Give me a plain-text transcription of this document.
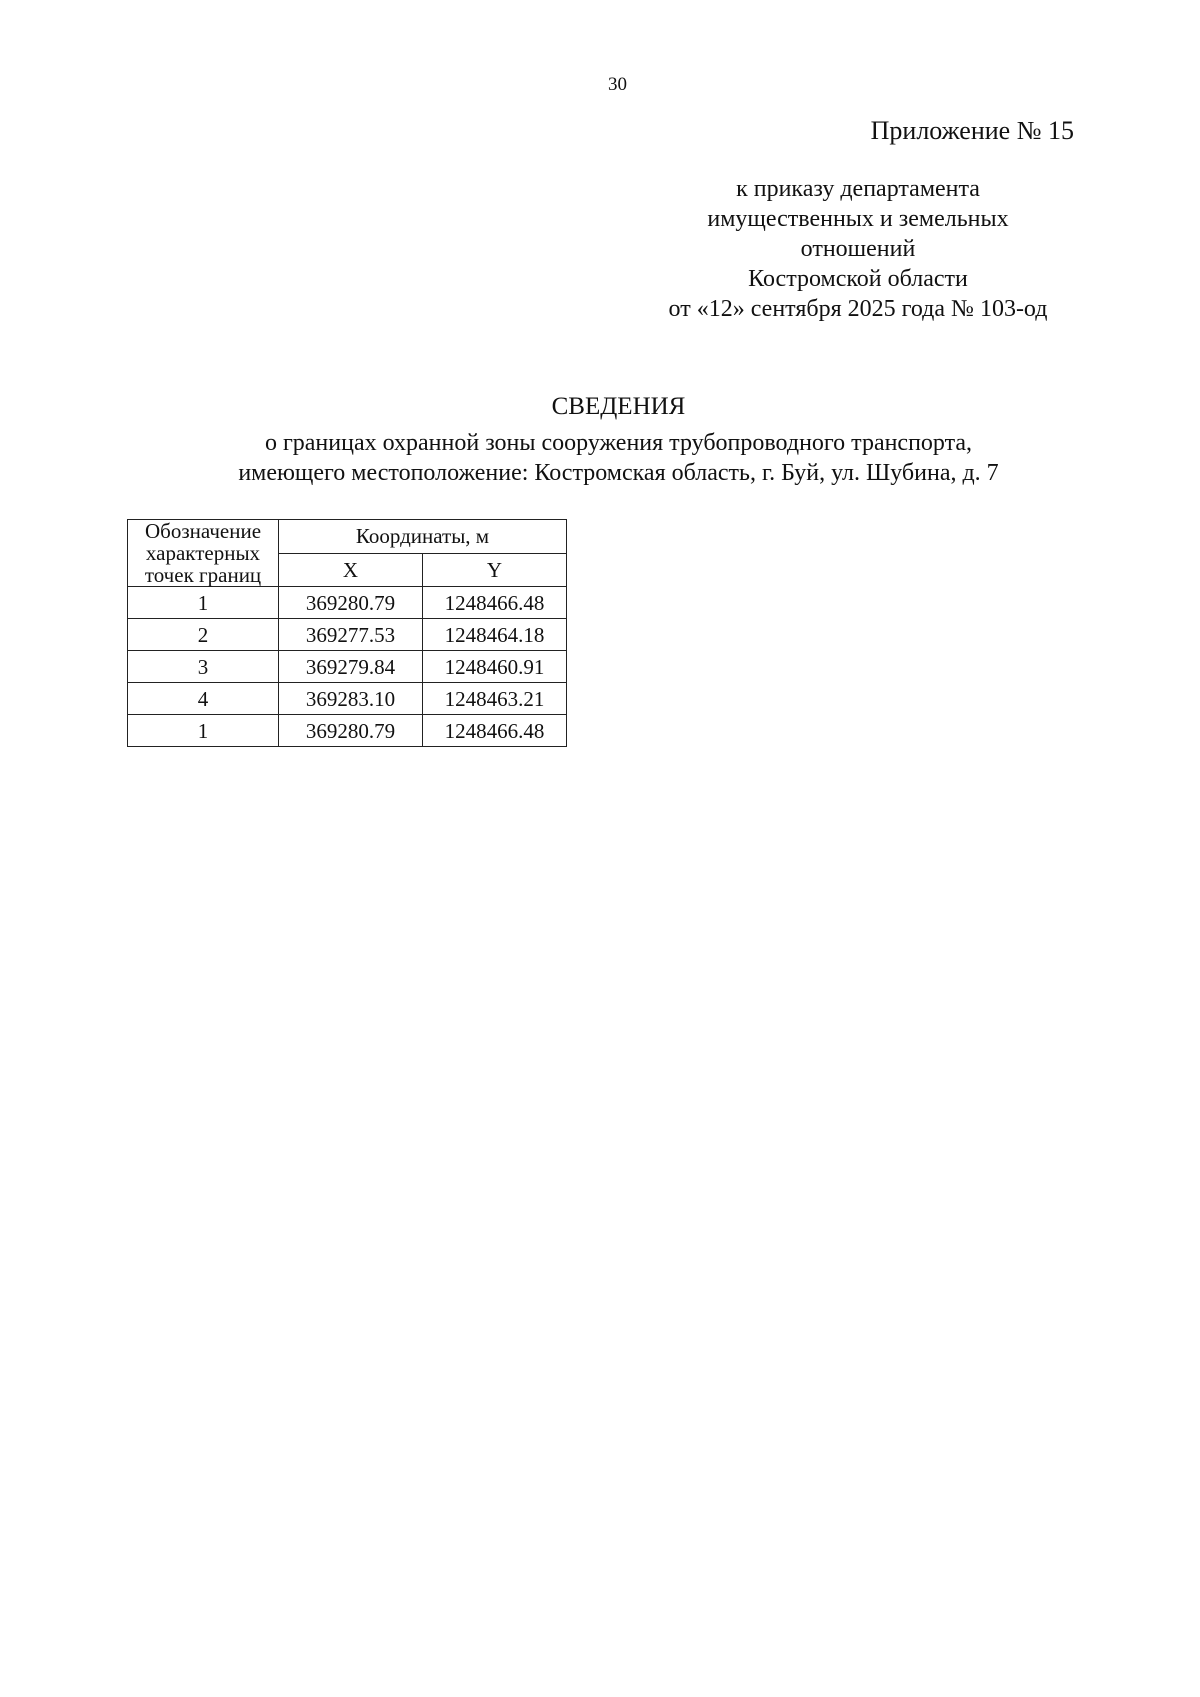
30
Приложение № 15
к приказу департамента
имущественных и земельных
отношений
Костромской области
от «12» сентября 2025 года № 103-од
СВЕДЕНИЯ
о границах охранной зоны сооружения трубопроводного транспорта,
имеющего местоположение: Костромская область, г. Буй, ул. Шубина, д. 7
Обозначение
характерных
точек границ	Координаты, м	
	X	Y
1	369280.79	1248466.48
2	369277.53	1248464.18
3	369279.84	1248460.91
4	369283.10	1248463.21
1	369280.79	1248466.48
